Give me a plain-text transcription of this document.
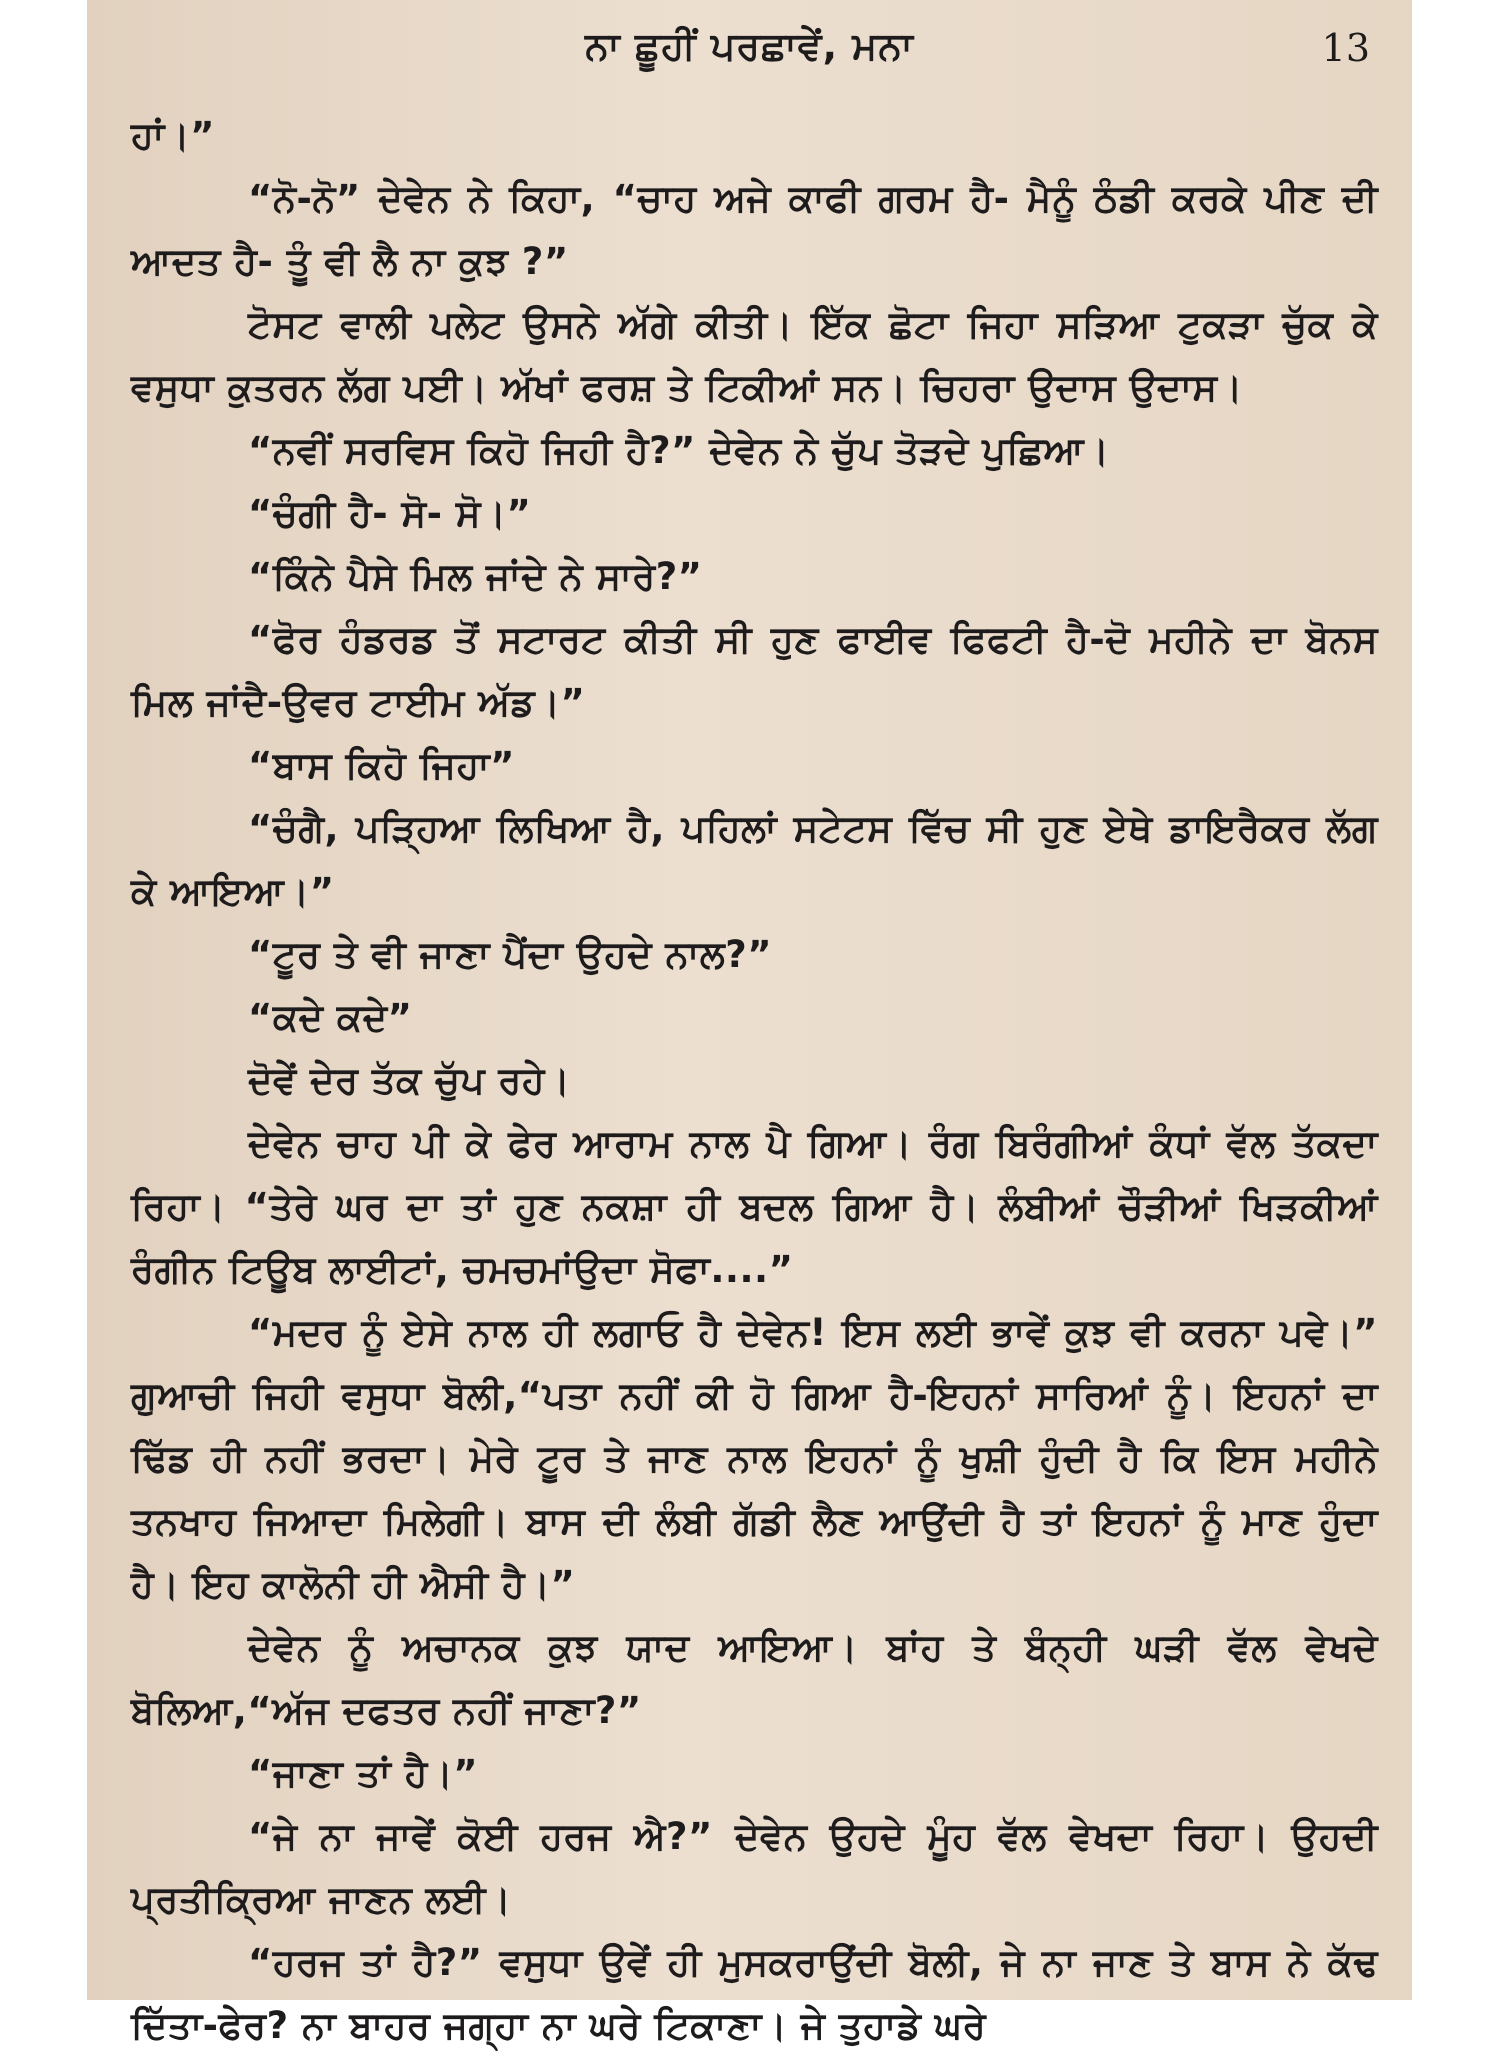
ਨਾ ਛੂਹੀਂ ਪਰਛਾਵੇਂ, ਮਨਾ	13

ਹਾਂ।”

“ਨੋ-ਨੋ” ਦੇਵੇਨ ਨੇ ਕਿਹਾ, “ਚਾਹ ਅਜੇ ਕਾਫੀ ਗਰਮ ਹੈ- ਮੈਨੂੰ ਠੰਡੀ ਕਰਕੇ ਪੀਣ ਦੀ ਆਦਤ ਹੈ- ਤੂੰ ਵੀ ਲੈ ਨਾ ਕੁਝ ?”

ਟੋਸਟ ਵਾਲੀ ਪਲੇਟ ਉਸਨੇ ਅੱਗੇ ਕੀਤੀ। ਇੱਕ ਛੋਟਾ ਜਿਹਾ ਸੜਿਆ ਟੁਕੜਾ ਚੁੱਕ ਕੇ ਵਸੁਧਾ ਕੁਤਰਨ ਲੱਗ ਪਈ। ਅੱਖਾਂ ਫਰਸ਼ ਤੇ ਟਿਕੀਆਂ ਸਨ। ਚਿਹਰਾ ਉਦਾਸ ਉਦਾਸ।

“ਨਵੀਂ ਸਰਵਿਸ ਕਿਹੋ ਜਿਹੀ ਹੈ?” ਦੇਵੇਨ ਨੇ ਚੁੱਪ ਤੋੜਦੇ ਪੁਛਿਆ।

“ਚੰਗੀ ਹੈ- ਸੋ- ਸੋ।”

“ਕਿੰਨੇ ਪੈਸੇ ਮਿਲ ਜਾਂਦੇ ਨੇ ਸਾਰੇ?”

“ਫੋਰ ਹੰਡਰਡ ਤੋਂ ਸਟਾਰਟ ਕੀਤੀ ਸੀ ਹੁਣ ਫਾਈਵ ਫਿਫਟੀ ਹੈ-ਦੋ ਮਹੀਨੇ ਦਾ ਬੋਨਸ ਮਿਲ ਜਾਂਦੈ-ਉਵਰ ਟਾਈਮ ਅੱਡ।”

“ਬਾਸ ਕਿਹੋ ਜਿਹਾ”

“ਚੰਗੈ, ਪੜ੍ਹਿਆ ਲਿਖਿਆ ਹੈ, ਪਹਿਲਾਂ ਸਟੇਟਸ ਵਿੱਚ ਸੀ ਹੁਣ ਏਥੇ ਡਾਇਰੈਕਰ ਲੱਗ ਕੇ ਆਇਆ।”

“ਟੂਰ ਤੇ ਵੀ ਜਾਣਾ ਪੈਂਦਾ ਉਹਦੇ ਨਾਲ?”

“ਕਦੇ ਕਦੇ”

ਦੋਵੇਂ ਦੇਰ ਤੱਕ ਚੁੱਪ ਰਹੇ।

ਦੇਵੇਨ ਚਾਹ ਪੀ ਕੇ ਫੇਰ ਆਰਾਮ ਨਾਲ ਪੈ ਗਿਆ। ਰੰਗ ਬਿਰੰਗੀਆਂ ਕੰਧਾਂ ਵੱਲ ਤੱਕਦਾ ਰਿਹਾ। “ਤੇਰੇ ਘਰ ਦਾ ਤਾਂ ਹੁਣ ਨਕਸ਼ਾ ਹੀ ਬਦਲ ਗਿਆ ਹੈ। ਲੰਬੀਆਂ ਚੌੜੀਆਂ ਖਿੜਕੀਆਂ ਰੰਗੀਨ ਟਿਊਬ ਲਾਈਟਾਂ, ਚਮਚਮਾਂਉਦਾ ਸੋਫਾ....”

“ਮਦਰ ਨੂੰ ਏਸੇ ਨਾਲ ਹੀ ਲਗਾਓ ਹੈ ਦੇਵੇਨ! ਇਸ ਲਈ ਭਾਵੇਂ ਕੁਝ ਵੀ ਕਰਨਾ ਪਵੇ।” ਗੁਆਚੀ ਜਿਹੀ ਵਸੁਧਾ ਬੋਲੀ,“ਪਤਾ ਨਹੀਂ ਕੀ ਹੋ ਗਿਆ ਹੈ-ਇਹਨਾਂ ਸਾਰਿਆਂ ਨੂੰ। ਇਹਨਾਂ ਦਾ ਢਿੱਡ ਹੀ ਨਹੀਂ ਭਰਦਾ। ਮੇਰੇ ਟੂਰ ਤੇ ਜਾਣ ਨਾਲ ਇਹਨਾਂ ਨੂੰ ਖੁਸ਼ੀ ਹੁੰਦੀ ਹੈ ਕਿ ਇਸ ਮਹੀਨੇ ਤਨਖਾਹ ਜਿਆਦਾ ਮਿਲੇਗੀ। ਬਾਸ ਦੀ ਲੰਬੀ ਗੱਡੀ ਲੈਣ ਆਉਂਦੀ ਹੈ ਤਾਂ ਇਹਨਾਂ ਨੂੰ ਮਾਣ ਹੁੰਦਾ ਹੈ। ਇਹ ਕਾਲੋਨੀ ਹੀ ਐਸੀ ਹੈ।”

ਦੇਵੇਨ ਨੂੰ ਅਚਾਨਕ ਕੁਝ ਯਾਦ ਆਇਆ। ਬਾਂਹ ਤੇ ਬੰਨ੍ਹੀ ਘੜੀ ਵੱਲ ਵੇਖਦੇ ਬੋਲਿਆ,“ਅੱਜ ਦਫਤਰ ਨਹੀਂ ਜਾਣਾ?”

“ਜਾਣਾ ਤਾਂ ਹੈ।”

“ਜੇ ਨਾ ਜਾਵੇਂ ਕੋਈ ਹਰਜ ਐ?” ਦੇਵੇਨ ਉਹਦੇ ਮੂੰਹ ਵੱਲ ਵੇਖਦਾ ਰਿਹਾ। ਉਹਦੀ ਪ੍ਰਤੀਕ੍ਰਿਆ ਜਾਣਨ ਲਈ।

“ਹਰਜ ਤਾਂ ਹੈ?” ਵਸੁਧਾ ਉਵੇਂ ਹੀ ਮੁਸਕਰਾਉਂਦੀ ਬੋਲੀ, ਜੇ ਨਾ ਜਾਣ ਤੇ ਬਾਸ ਨੇ ਕੱਢ ਦਿੱਤਾ-ਫੇਰ? ਨਾ ਬਾਹਰ ਜਗ੍ਹਾ ਨਾ ਘਰੇ ਟਿਕਾਣਾ। ਜੇ ਤੁਹਾਡੇ ਘਰੇ
